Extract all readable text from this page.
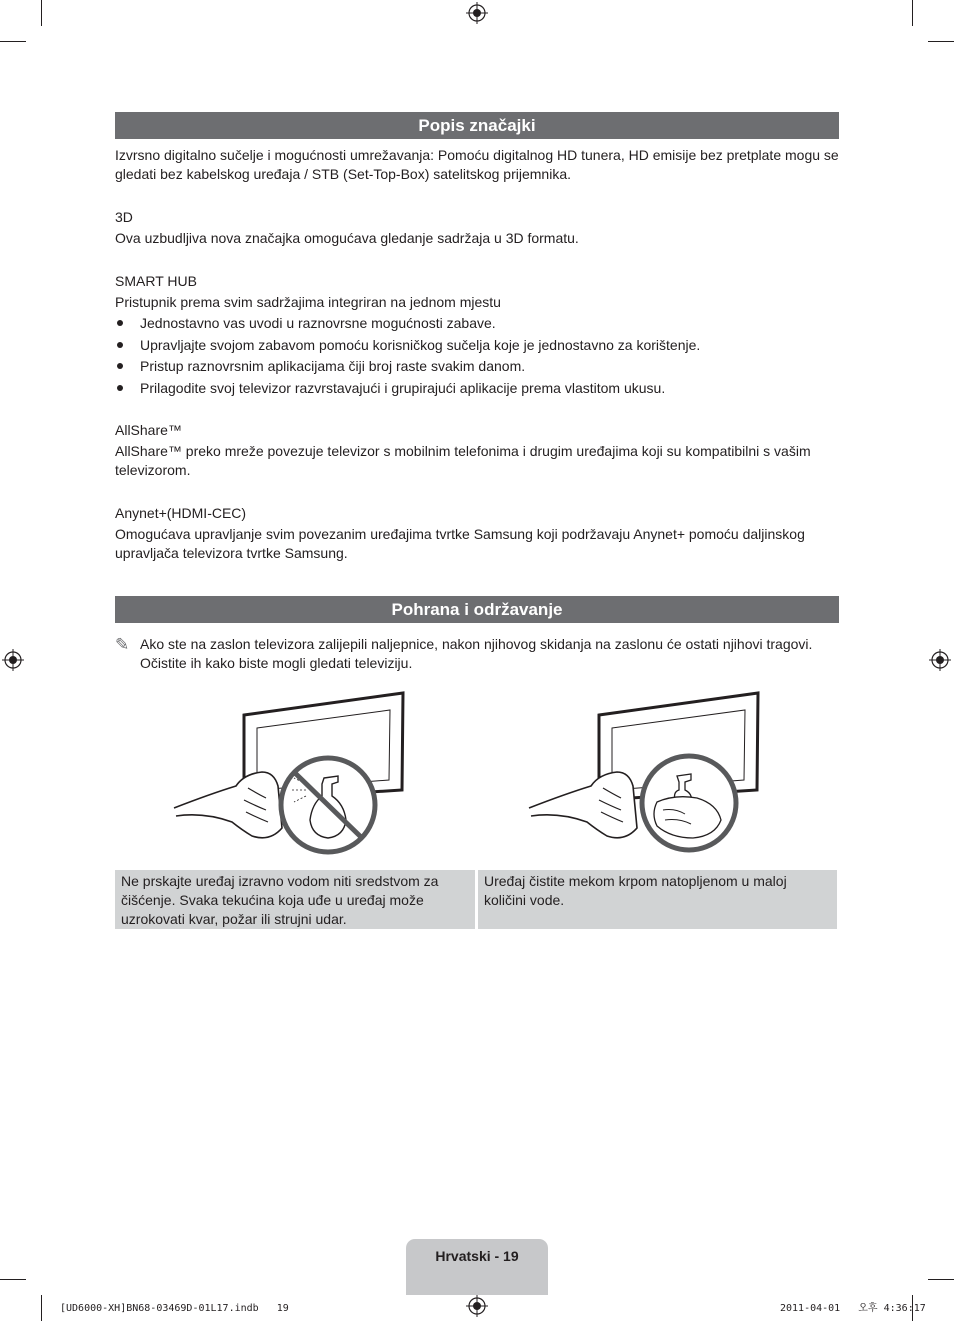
Popis značajki

Izvrsno digitalno sučelje i mogućnosti umrežavanja: Pomoću digitalnog HD tunera, HD emisije bez pretplate mogu se gledati bez kabelskog uređaja / STB (Set-Top-Box) satelitskog prijemnika.

3D

Ova uzbudljiva nova značajka omogućava gledanje sadržaja u 3D formatu.

SMART HUB

Pristupnik prema svim sadržajima integriran na jednom mjestu

Jednostavno vas uvodi u raznovrsne mogućnosti zabave.
Upravljajte svojom zabavom pomoću korisničkog sučelja koje je jednostavno za korištenje.
Pristup raznovrsnim aplikacijama čiji broj raste svakim danom.
Prilagodite svoj televizor razvrstavajući i grupirajući aplikacije prema vlastitom ukusu.

AllShare™

AllShare™ preko mreže povezuje televizor s mobilnim telefonima i drugim uređajima koji su kompatibilni s vašim televizorom.

Anynet+(HDMI-CEC)

Omogućava upravljanje svim povezanim uređajima tvrtke Samsung koji podržavaju Anynet+ pomoću daljinskog upravljača televizora tvrtke Samsung.

Pohrana i održavanje
✎ Ako ste na zaslon televizora zalijepili naljepnice, nakon njihovog skidanja na zaslonu će ostati njihovi tragovi. Očistite ih kako biste mogli gledati televiziju.
Ne prskajte uređaj izravno vodom niti sredstvom za čišćenje. Svaka tekućina koja uđe u uređaj može uzrokovati kvar, požar ili strujni udar.
Uređaj čistite mekom krpom natopljenom u maloj količini vode.
Hrvatski - 19
[UD6000-XH]BN68-03469D-01L17.indb   19	2011-04-01   오후 4:36:17
